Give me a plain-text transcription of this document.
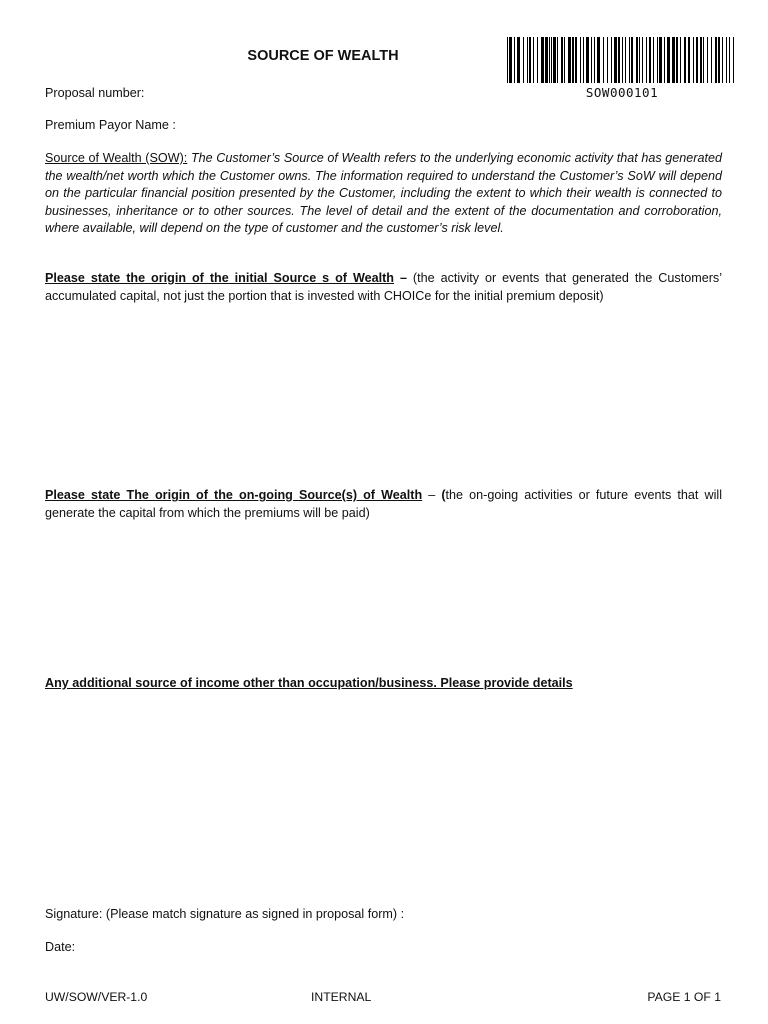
SOURCE OF WEALTH
SOW000101
Proposal number:
Premium Payor Name :
Source of Wealth (SOW): The Customer’s Source of Wealth refers to the underlying economic activity that has generated the wealth/net worth which the Customer owns. The information required to understand the Customer’s SoW will depend on the particular financial position presented by the Customer, including the extent to which their wealth is connected to businesses, inheritance or to other sources. The level of detail and the extent of the documentation and corroboration, where available, will depend on the type of customer and the customer’s risk level.
Please state the origin of the initial Source s of Wealth – (the activity or events that generated the Customers’ accumulated capital, not just the portion that is invested with CHOICe for the initial premium deposit)
Please state The origin of the on-going Source(s) of Wealth – (the on-going activities or future events that will generate the capital from which the premiums will be paid)
Any additional source of income other than occupation/business. Please provide details
Signature: (Please match signature as signed in proposal form) :
Date:
UW/SOW/VER-1.0	INTERNAL	PAGE 1 OF 1
